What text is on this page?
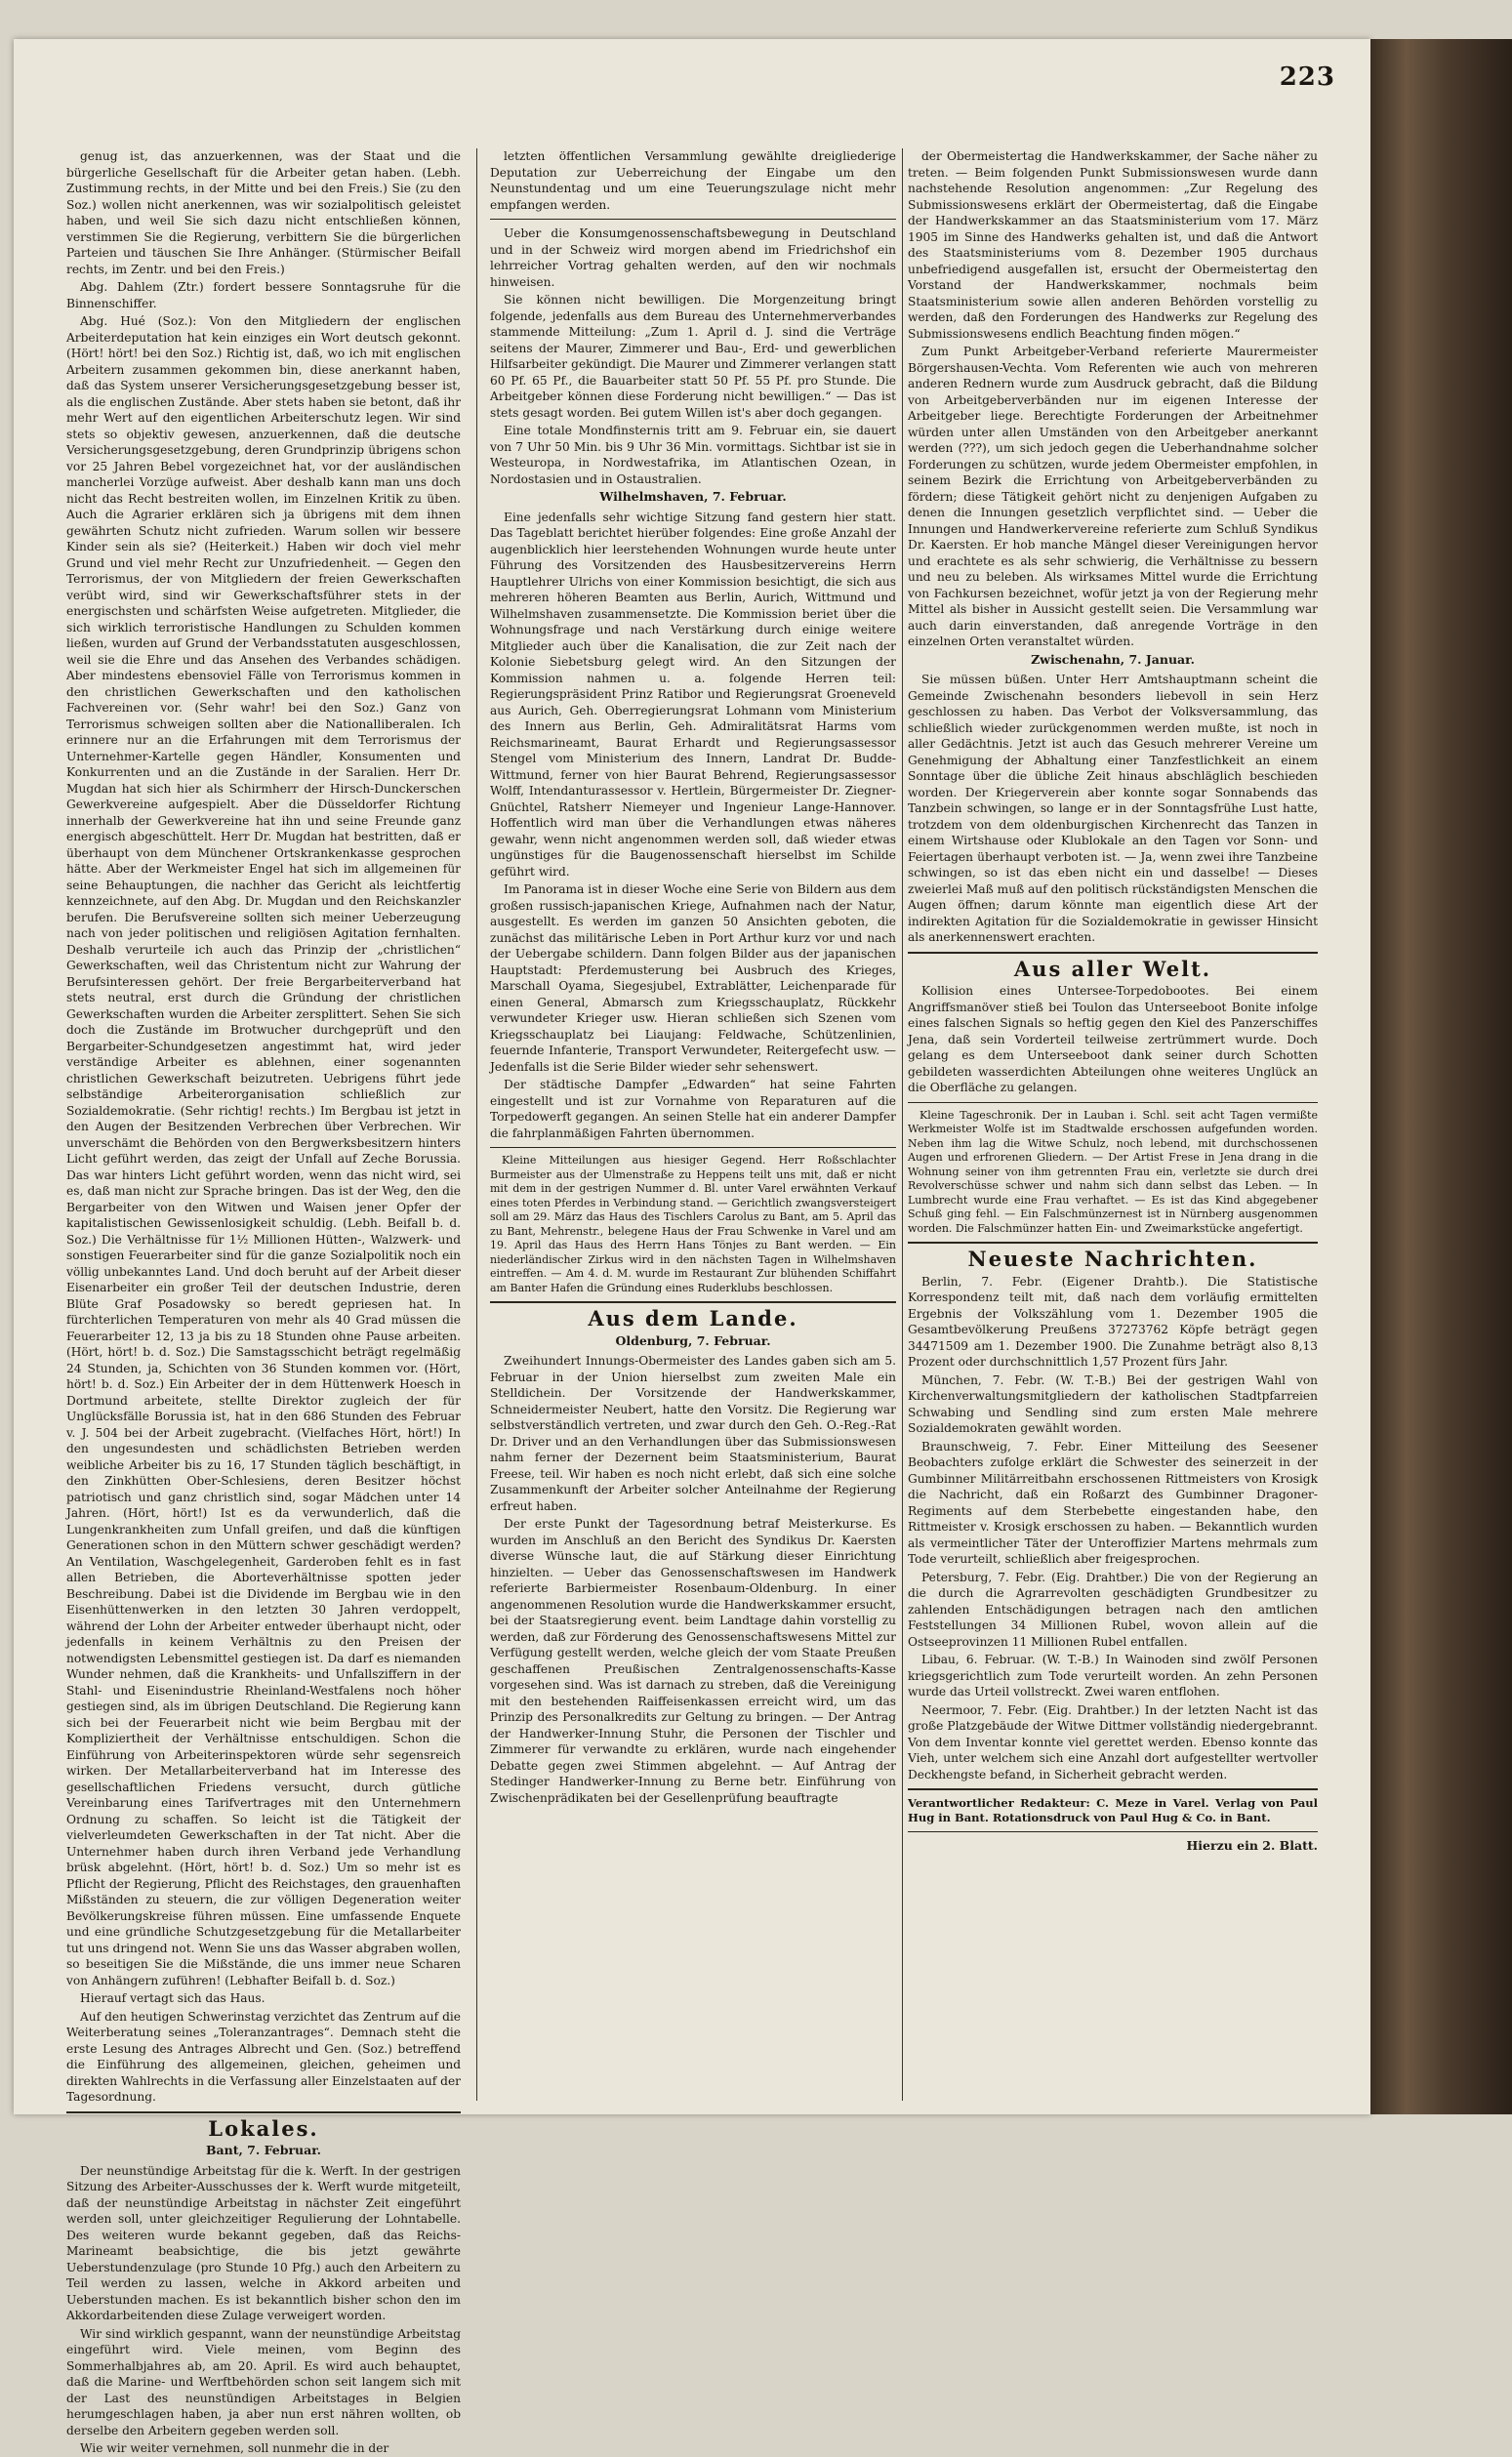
223

genug ist, das anzuerkennen, was der Staat und die bürgerliche Gesellschaft für die Arbeiter getan haben. (Lebh. Zustimmung rechts, in der Mitte und bei den Freis.) Sie (zu den Soz.) wollen nicht anerkennen, was wir sozialpolitisch geleistet haben, und weil Sie sich dazu nicht entschließen können, verstimmen Sie die Regierung, verbittern Sie die bürgerlichen Parteien und täuschen Sie Ihre Anhänger. (Stürmischer Beifall rechts, im Zentr. und bei den Freis.)

Abg. Dahlem (Ztr.) fordert bessere Sonntagsruhe für die Binnenschiffer.

Abg. Hué (Soz.): Von den Mitgliedern der englischen Arbeiterdeputation hat kein einziges ein Wort deutsch gekonnt. (Hört! hört! bei den Soz.) Richtig ist, daß, wo ich mit englischen Arbeitern zusammen gekommen bin, diese anerkannt haben, daß das System unserer Versicherungsgesetzgebung besser ist, als die englischen Zustände. Aber stets haben sie betont, daß ihr mehr Wert auf den eigentlichen Arbeiterschutz legen. Wir sind stets so objektiv gewesen, anzuerkennen, daß die deutsche Versicherungsgesetzgebung, deren Grundprinzip übrigens schon vor 25 Jahren Bebel vorgezeichnet hat, vor der ausländischen mancherlei Vorzüge aufweist. Aber deshalb kann man uns doch nicht das Recht bestreiten wollen, im Einzelnen Kritik zu üben. Auch die Agrarier erklären sich ja übrigens mit dem ihnen gewährten Schutz nicht zufrieden. Warum sollen wir bessere Kinder sein als sie? (Heiterkeit.) Haben wir doch viel mehr Grund und viel mehr Recht zur Unzufriedenheit. — Gegen den Terrorismus, der von Mitgliedern der freien Gewerkschaften verübt wird, sind wir Gewerkschaftsführer stets in der energischsten und schärfsten Weise aufgetreten. Mitglieder, die sich wirklich terroristische Handlungen zu Schulden kommen ließen, wurden auf Grund der Verbandsstatuten ausgeschlossen, weil sie die Ehre und das Ansehen des Verbandes schädigen. Aber mindestens ebensoviel Fälle von Terrorismus kommen in den christlichen Gewerkschaften und den katholischen Fachvereinen vor. (Sehr wahr! bei den Soz.) Ganz von Terrorismus schweigen sollten aber die Nationalliberalen. Ich erinnere nur an die Erfahrungen mit dem Terrorismus der Unternehmer-Kartelle gegen Händler, Konsumenten und Konkurrenten und an die Zustände in der Saralien. Herr Dr. Mugdan hat sich hier als Schirmherr der Hirsch-Dunckerschen Gewerkvereine aufgespielt. Aber die Düsseldorfer Richtung innerhalb der Gewerkvereine hat ihn und seine Freunde ganz energisch abgeschüttelt. Herr Dr. Mugdan hat bestritten, daß er überhaupt von dem Münchener Ortskrankenkasse gesprochen hätte. Aber der Werkmeister Engel hat sich im allgemeinen für seine Behauptungen, die nachher das Gericht als leichtfertig kennzeichnete, auf den Abg. Dr. Mugdan und den Reichskanzler berufen. Die Berufsvereine sollten sich meiner Ueberzeugung nach von jeder politischen und religiösen Agitation fernhalten. Deshalb verurteile ich auch das Prinzip der „christlichen“ Gewerkschaften, weil das Christentum nicht zur Wahrung der Berufsinteressen gehört. Der freie Bergarbeiterverband hat stets neutral, erst durch die Gründung der christlichen Gewerkschaften wurden die Arbeiter zersplittert. Sehen Sie sich doch die Zustände im Brotwucher durchgeprüft und den Bergarbeiter-Schundgesetzen angestimmt hat, wird jeder verständige Arbeiter es ablehnen, einer sogenannten christlichen Gewerkschaft beizutreten. Uebrigens führt jede selbständige Arbeiterorganisation schließlich zur Sozialdemokratie. (Sehr richtig! rechts.) Im Bergbau ist jetzt in den Augen der Besitzenden Verbrechen über Verbrechen. Wir unverschämt die Behörden von den Bergwerksbesitzern hinters Licht geführt werden, das zeigt der Unfall auf Zeche Borussia. Das war hinters Licht geführt worden, wenn das nicht wird, sei es, daß man nicht zur Sprache bringen. Das ist der Weg, den die Bergarbeiter von den Witwen und Waisen jener Opfer der kapitalistischen Gewissenlosigkeit schuldig. (Lebh. Beifall b. d. Soz.) Die Verhältnisse für 1½ Millionen Hütten-, Walzwerk- und sonstigen Feuerarbeiter sind für die ganze Sozialpolitik noch ein völlig unbekanntes Land. Und doch beruht auf der Arbeit dieser Eisenarbeiter ein großer Teil der deutschen Industrie, deren Blüte Graf Posadowsky so beredt gepriesen hat. In fürchterlichen Temperaturen von mehr als 40 Grad müssen die Feuerarbeiter 12, 13 ja bis zu 18 Stunden ohne Pause arbeiten. (Hört, hört! b. d. Soz.) Die Samstagsschicht beträgt regelmäßig 24 Stunden, ja, Schichten von 36 Stunden kommen vor. (Hört, hört! b. d. Soz.) Ein Arbeiter der in dem Hüttenwerk Hoesch in Dortmund arbeitete, stellte Direktor zugleich der für Unglücksfälle Borussia ist, hat in den 686 Stunden des Februar v. J. 504 bei der Arbeit zugebracht. (Vielfaches Hört, hört!) In den ungesundesten und schädlichsten Betrieben werden weibliche Arbeiter bis zu 16, 17 Stunden täglich beschäftigt, in den Zinkhütten Ober-Schlesiens, deren Besitzer höchst patriotisch und ganz christlich sind, sogar Mädchen unter 14 Jahren. (Hört, hört!) Ist es da verwunderlich, daß die Lungenkrankheiten zum Unfall greifen, und daß die künftigen Generationen schon in den Müttern schwer geschädigt werden? An Ventilation, Waschgelegenheit, Garderoben fehlt es in fast allen Betrieben, die Aborteverhältnisse spotten jeder Beschreibung. Dabei ist die Dividende im Bergbau wie in den Eisenhüttenwerken in den letzten 30 Jahren verdoppelt, während der Lohn der Arbeiter entweder überhaupt nicht, oder jedenfalls in keinem Verhältnis zu den Preisen der notwendigsten Lebensmittel gestiegen ist. Da darf es niemanden Wunder nehmen, daß die Krankheits- und Unfallsziffern in der Stahl- und Eisenindustrie Rheinland-Westfalens noch höher gestiegen sind, als im übrigen Deutschland. Die Regierung kann sich bei der Feuerarbeit nicht wie beim Bergbau mit der Kompliziertheit der Verhältnisse entschuldigen. Schon die Einführung von Arbeiterinspektoren würde sehr segensreich wirken. Der Metallarbeiterverband hat im Interesse des gesellschaftlichen Friedens versucht, durch gütliche Vereinbarung eines Tarifvertrages mit den Unternehmern Ordnung zu schaffen. So leicht ist die Tätigkeit der vielverleumdeten Gewerkschaften in der Tat nicht. Aber die Unternehmer haben durch ihren Verband jede Verhandlung brüsk abgelehnt. (Hört, hört! b. d. Soz.) Um so mehr ist es Pflicht der Regierung, Pflicht des Reichstages, den grauenhaften Mißständen zu steuern, die zur völligen Degeneration weiter Bevölkerungskreise führen müssen. Eine umfassende Enquete und eine gründliche Schutzgesetzgebung für die Metallarbeiter tut uns dringend not. Wenn Sie uns das Wasser abgraben wollen, so beseitigen Sie die Mißstände, die uns immer neue Scharen von Anhängern zuführen! (Lebhafter Beifall b. d. Soz.)

Hierauf vertagt sich das Haus.

Auf den heutigen Schwerinstag verzichtet das Zentrum auf die Weiterberatung seines „Toleranzantrages“. Demnach steht die erste Lesung des Antrages Albrecht und Gen. (Soz.) betreffend die Einführung des allgemeinen, gleichen, geheimen und direkten Wahlrechts in die Verfassung aller Einzelstaaten auf der Tagesordnung.

Lokales.
Bant, 7. Februar.

Der neunstündige Arbeitstag für die k. Werft. In der gestrigen Sitzung des Arbeiter-Ausschusses der k. Werft wurde mitgeteilt, daß der neunstündige Arbeitstag in nächster Zeit eingeführt werden soll, unter gleichzeitiger Regulierung der Lohntabelle. Des weiteren wurde bekannt gegeben, daß das Reichs-Marineamt beabsichtige, die bis jetzt gewährte Ueberstundenzulage (pro Stunde 10 Pfg.) auch den Arbeitern zu Teil werden zu lassen, welche in Akkord arbeiten und Ueberstunden machen. Es ist bekanntlich bisher schon den im Akkordarbeitenden diese Zulage verweigert worden.

Wir sind wirklich gespannt, wann der neunstündige Arbeitstag eingeführt wird. Viele meinen, vom Beginn des Sommerhalbjahres ab, am 20. April. Es wird auch behauptet, daß die Marine- und Werftbehörden schon seit langem sich mit der Last des neunstündigen Arbeitstages in Belgien herumgeschlagen haben, ja aber nun erst nähren wollten, ob derselbe den Arbeitern gegeben werden soll.

Wie wir weiter vernehmen, soll nunmehr die in der

letzten öffentlichen Versammlung gewählte dreigliederige Deputation zur Ueberreichung der Eingabe um den Neunstundentag und um eine Teuerungszulage nicht mehr empfangen werden.

Ueber die Konsumgenossenschaftsbewegung in Deutschland und in der Schweiz wird morgen abend im Friedrichshof ein lehrreicher Vortrag gehalten werden, auf den wir nochmals hinweisen.

Sie können nicht bewilligen. Die Morgenzeitung bringt folgende, jedenfalls aus dem Bureau des Unternehmerverbandes stammende Mitteilung: „Zum 1. April d. J. sind die Verträge seitens der Maurer, Zimmerer und Bau-, Erd- und gewerblichen Hilfsarbeiter gekündigt. Die Maurer und Zimmerer verlangen statt 60 Pf. 65 Pf., die Bauarbeiter statt 50 Pf. 55 Pf. pro Stunde. Die Arbeitgeber können diese Forderung nicht bewilligen.“ — Das ist stets gesagt worden. Bei gutem Willen ist's aber doch gegangen.

Eine totale Mondfinsternis tritt am 9. Februar ein, sie dauert von 7 Uhr 50 Min. bis 9 Uhr 36 Min. vormittags. Sichtbar ist sie in Westeuropa, in Nordwestafrika, im Atlantischen Ozean, in Nordostasien und in Ostaustralien.

Wilhelmshaven, 7. Februar.

Eine jedenfalls sehr wichtige Sitzung fand gestern hier statt. Das Tageblatt berichtet hierüber folgendes: Eine große Anzahl der augenblicklich hier leerstehenden Wohnungen wurde heute unter Führung des Vorsitzenden des Hausbesitzervereins Herrn Hauptlehrer Ulrichs von einer Kommission besichtigt, die sich aus mehreren höheren Beamten aus Berlin, Aurich, Wittmund und Wilhelmshaven zusammensetzte. Die Kommission beriet über die Wohnungsfrage und nach Verstärkung durch einige weitere Mitglieder auch über die Kanalisation, die zur Zeit nach der Kolonie Siebetsburg gelegt wird. An den Sitzungen der Kommission nahmen u. a. folgende Herren teil: Regierungspräsident Prinz Ratibor und Regierungsrat Groeneveld aus Aurich, Geh. Oberregierungsrat Lohmann vom Ministerium des Innern aus Berlin, Geh. Admiralitätsrat Harms vom Reichsmarineamt, Baurat Erhardt und Regierungsassessor Stengel vom Ministerium des Innern, Landrat Dr. Budde-Wittmund, ferner von hier Baurat Behrend, Regierungsassessor Wolff, Intendanturassessor v. Hertlein, Bürgermeister Dr. Ziegner-Gnüchtel, Ratsherr Niemeyer und Ingenieur Lange-Hannover. Hoffentlich wird man über die Verhandlungen etwas näheres gewahr, wenn nicht angenommen werden soll, daß wieder etwas ungünstiges für die Baugenossenschaft hierselbst im Schilde geführt wird.

Im Panorama ist in dieser Woche eine Serie von Bildern aus dem großen russisch-japanischen Kriege, Aufnahmen nach der Natur, ausgestellt. Es werden im ganzen 50 Ansichten geboten, die zunächst das militärische Leben in Port Arthur kurz vor und nach der Uebergabe schildern. Dann folgen Bilder aus der japanischen Hauptstadt: Pferdemusterung bei Ausbruch des Krieges, Marschall Oyama, Siegesjubel, Extrablätter, Leichenparade für einen General, Abmarsch zum Kriegsschauplatz, Rückkehr verwundeter Krieger usw. Hieran schließen sich Szenen vom Kriegsschauplatz bei Liaujang: Feldwache, Schützenlinien, feuernde Infanterie, Transport Verwundeter, Reitergefecht usw. — Jedenfalls ist die Serie Bilder wieder sehr sehenswert.

Der städtische Dampfer „Edwarden“ hat seine Fahrten eingestellt und ist zur Vornahme von Reparaturen auf die Torpedowerft gegangen. An seinen Stelle hat ein anderer Dampfer die fahrplanmäßigen Fahrten übernommen.

Kleine Mitteilungen aus hiesiger Gegend. Herr Roßschlachter Burmeister aus der Ulmenstraße zu Heppens teilt uns mit, daß er nicht mit dem in der gestrigen Nummer d. Bl. unter Varel erwähnten Verkauf eines toten Pferdes in Verbindung stand. — Gerichtlich zwangsversteigert soll am 29. März das Haus des Tischlers Carolus zu Bant, am 5. April das zu Bant, Mehrenstr., belegene Haus der Frau Schwenke in Varel und am 19. April das Haus des Herrn Hans Tönjes zu Bant werden. — Ein niederländischer Zirkus wird in den nächsten Tagen in Wilhelmshaven eintreffen. — Am 4. d. M. wurde im Restaurant Zur blühenden Schiffahrt am Banter Hafen die Gründung eines Ruderklubs beschlossen.

Aus dem Lande.
Oldenburg, 7. Februar.

Zweihundert Innungs-Obermeister des Landes gaben sich am 5. Februar in der Union hierselbst zum zweiten Male ein Stelldichein. Der Vorsitzende der Handwerkskammer, Schneidermeister Neubert, hatte den Vorsitz. Die Regierung war selbstverständlich vertreten, und zwar durch den Geh. O.-Reg.-Rat Dr. Driver und an den Verhandlungen über das Submissionswesen nahm ferner der Dezernent beim Staatsministerium, Baurat Freese, teil. Wir haben es noch nicht erlebt, daß sich eine solche Zusammenkunft der Arbeiter solcher Anteilnahme der Regierung erfreut haben.

Der erste Punkt der Tagesordnung betraf Meisterkurse. Es wurden im Anschluß an den Bericht des Syndikus Dr. Kaersten diverse Wünsche laut, die auf Stärkung dieser Einrichtung hinzielten. — Ueber das Genossenschaftswesen im Handwerk referierte Barbiermeister Rosenbaum-Oldenburg. In einer angenommenen Resolution wurde die Handwerkskammer ersucht, bei der Staatsregierung event. beim Landtage dahin vorstellig zu werden, daß zur Förderung des Genossenschaftswesens Mittel zur Verfügung gestellt werden, welche gleich der vom Staate Preußen geschaffenen Preußischen Zentralgenossenschafts-Kasse vorgesehen sind. Was ist darnach zu streben, daß die Vereinigung mit den bestehenden Raiffeisenkassen erreicht wird, um das Prinzip des Personalkredits zur Geltung zu bringen. — Der Antrag der Handwerker-Innung Stuhr, die Personen der Tischler und Zimmerer für verwandte zu erklären, wurde nach eingehender Debatte gegen zwei Stimmen abgelehnt. — Auf Antrag der Stedinger Handwerker-Innung zu Berne betr. Einführung von Zwischenprädikaten bei der Gesellenprüfung beauftragte

der Obermeistertag die Handwerkskammer, der Sache näher zu treten. — Beim folgenden Punkt Submissionswesen wurde dann nachstehende Resolution angenommen: „Zur Regelung des Submissionswesens erklärt der Obermeistertag, daß die Eingabe der Handwerkskammer an das Staatsministerium vom 17. März 1905 im Sinne des Handwerks gehalten ist, und daß die Antwort des Staatsministeriums vom 8. Dezember 1905 durchaus unbefriedigend ausgefallen ist, ersucht der Obermeistertag den Vorstand der Handwerkskammer, nochmals beim Staatsministerium sowie allen anderen Behörden vorstellig zu werden, daß den Forderungen des Handwerks zur Regelung des Submissionswesens endlich Beachtung finden mögen.“

Zum Punkt Arbeitgeber-Verband referierte Maurermeister Börgershausen-Vechta. Vom Referenten wie auch von mehreren anderen Rednern wurde zum Ausdruck gebracht, daß die Bildung von Arbeitgeberverbänden nur im eigenen Interesse der Arbeitgeber liege. Berechtigte Forderungen der Arbeitnehmer würden unter allen Umständen von den Arbeitgeber anerkannt werden (???), um sich jedoch gegen die Ueberhandnahme solcher Forderungen zu schützen, wurde jedem Obermeister empfohlen, in seinem Bezirk die Errichtung von Arbeitgeberverbänden zu fördern; diese Tätigkeit gehört nicht zu denjenigen Aufgaben zu denen die Innungen gesetzlich verpflichtet sind. — Ueber die Innungen und Handwerkervereine referierte zum Schluß Syndikus Dr. Kaersten. Er hob manche Mängel dieser Vereinigungen hervor und erachtete es als sehr schwierig, die Verhältnisse zu bessern und neu zu beleben. Als wirksames Mittel wurde die Errichtung von Fachkursen bezeichnet, wofür jetzt ja von der Regierung mehr Mittel als bisher in Aussicht gestellt seien. Die Versammlung war auch darin einverstanden, daß anregende Vorträge in den einzelnen Orten veranstaltet würden.

Zwischenahn, 7. Januar.

Sie müssen büßen. Unter Herr Amtshauptmann scheint die Gemeinde Zwischenahn besonders liebevoll in sein Herz geschlossen zu haben. Das Verbot der Volksversammlung, das schließlich wieder zurückgenommen werden mußte, ist noch in aller Gedächtnis. Jetzt ist auch das Gesuch mehrerer Vereine um Genehmigung der Abhaltung einer Tanzfestlichkeit an einem Sonntage über die übliche Zeit hinaus abschläglich beschieden worden. Der Kriegerverein aber konnte sogar Sonnabends das Tanzbein schwingen, so lange er in der Sonntagsfrühe Lust hatte, trotzdem von dem oldenburgischen Kirchenrecht das Tanzen in einem Wirtshause oder Klublokale an den Tagen vor Sonn- und Feiertagen überhaupt verboten ist. — Ja, wenn zwei ihre Tanzbeine schwingen, so ist das eben nicht ein und dasselbe! — Dieses zweierlei Maß muß auf den politisch rückständigsten Menschen die Augen öffnen; darum könnte man eigentlich diese Art der indirekten Agitation für die Sozialdemokratie in gewisser Hinsicht als anerkennenswert erachten.

Aus aller Welt.

Kollision eines Untersee-Torpedobootes. Bei einem Angriffsmanöver stieß bei Toulon das Unterseeboot Bonite infolge eines falschen Signals so heftig gegen den Kiel des Panzerschiffes Jena, daß sein Vorderteil teilweise zertrümmert wurde. Doch gelang es dem Unterseeboot dank seiner durch Schotten gebildeten wasserdichten Abteilungen ohne weiteres Unglück an die Oberfläche zu gelangen.

Kleine Tageschronik. Der in Lauban i. Schl. seit acht Tagen vermißte Werkmeister Wolfe ist im Stadtwalde erschossen aufgefunden worden. Neben ihm lag die Witwe Schulz, noch lebend, mit durchschossenen Augen und erfrorenen Gliedern. — Der Artist Frese in Jena drang in die Wohnung seiner von ihm getrennten Frau ein, verletzte sie durch drei Revolverschüsse schwer und nahm sich dann selbst das Leben. — In Lumbrecht wurde eine Frau verhaftet. — Es ist das Kind abgegebener Schuß ging fehl. — Ein Falschmünzernest ist in Nürnberg ausgenommen worden. Die Falschmünzer hatten Ein- und Zweimarkstücke angefertigt.

Neueste Nachrichten.

Berlin, 7. Febr. (Eigener Drahtb.). Die Statistische Korrespondenz teilt mit, daß nach dem vorläufig ermittelten Ergebnis der Volkszählung vom 1. Dezember 1905 die Gesamtbevölkerung Preußens 37273762 Köpfe beträgt gegen 34471509 am 1. Dezember 1900. Die Zunahme beträgt also 8,13 Prozent oder durchschnittlich 1,57 Prozent fürs Jahr.

München, 7. Febr. (W. T.-B.) Bei der gestrigen Wahl von Kirchenverwaltungsmitgliedern der katholischen Stadtpfarreien Schwabing und Sendling sind zum ersten Male mehrere Sozialdemokraten gewählt worden.

Braunschweig, 7. Febr. Einer Mitteilung des Seesener Beobachters zufolge erklärt die Schwester des seinerzeit in der Gumbinner Militärreitbahn erschossenen Rittmeisters von Krosigk die Nachricht, daß ein Roßarzt des Gumbinner Dragoner-Regiments auf dem Sterbebette eingestanden habe, den Rittmeister v. Krosigk erschossen zu haben. — Bekanntlich wurden als vermeintlicher Täter der Unteroffizier Martens mehrmals zum Tode verurteilt, schließlich aber freigesprochen.

Petersburg, 7. Febr. (Eig. Drahtber.) Die von der Regierung an die durch die Agrarrevolten geschädigten Grundbesitzer zu zahlenden Entschädigungen betragen nach den amtlichen Feststellungen 34 Millionen Rubel, wovon allein auf die Ostseeprovinzen 11 Millionen Rubel entfallen.

Libau, 6. Februar. (W. T.-B.) In Wainoden sind zwölf Personen kriegsgerichtlich zum Tode verurteilt worden. An zehn Personen wurde das Urteil vollstreckt. Zwei waren entflohen.

Neermoor, 7. Febr. (Eig. Drahtber.) In der letzten Nacht ist das große Platzgebäude der Witwe Dittmer vollständig niedergebrannt. Von dem Inventar konnte viel gerettet werden. Ebenso konnte das Vieh, unter welchem sich eine Anzahl dort aufgestellter wertvoller Deckhengste befand, in Sicherheit gebracht werden.

Verantwortlicher Redakteur: C. Meze in Varel. Verlag von Paul Hug in Bant. Rotationsdruck von Paul Hug & Co. in Bant.
Hierzu ein 2. Blatt.
